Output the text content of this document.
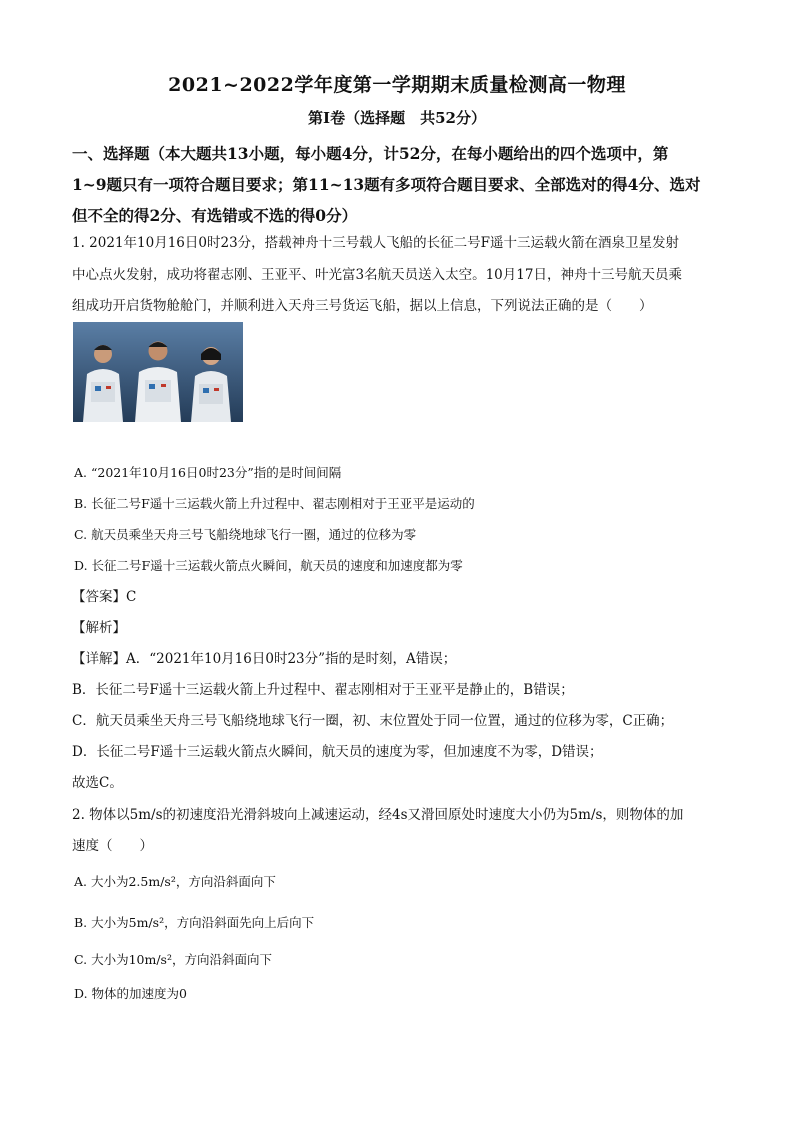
2021~2022学年度第一学期期末质量检测高一物理
第Ⅰ卷（选择题　共52分）

一、选择题（本大题共13小题，每小题4分，计52分，在每小题给出的四个选项中，第

1~9题只有一项符合题目要求；第11~13题有多项符合题目要求、全部选对的得4分、选对

但不全的得2分、有选错或不选的得0分）

1. 2021年10月16日0时23分，搭载神舟十三号载人飞船的长征二号F遥十三运载火箭在酒泉卫星发射
中心点火发射，成功将翟志刚、王亚平、叶光富3名航天员送入太空。10月17日，神舟十三号航天员乘
组成功开启货物舱舱门，并顺利进入天舟三号货运飞船，据以上信息，下列说法正确的是（　　）
A. “2021年10月16日0时23分”指的是时间间隔
B. 长征二号F遥十三运载火箭上升过程中、翟志刚相对于王亚平是运动的
C. 航天员乘坐天舟三号飞船绕地球飞行一圈，通过的位移为零
D. 长征二号F遥十三运载火箭点火瞬间，航天员的速度和加速度都为零
【答案】C
【解析】
【详解】A．“2021年10月16日0时23分”指的是时刻，A错误；
B．长征二号F遥十三运载火箭上升过程中、翟志刚相对于王亚平是静止的，B错误；
C．航天员乘坐天舟三号飞船绕地球飞行一圈，初、末位置处于同一位置，通过的位移为零，C正确；
D．长征二号F遥十三运载火箭点火瞬间，航天员的速度为零，但加速度不为零，D错误；
故选C。
2. 物体以5m/s的初速度沿光滑斜坡向上减速运动，经4s又滑回原处时速度大小仍为5m/s，则物体的加
速度（　　）
A. 大小为2.5m/s²，方向沿斜面向下
B. 大小为5m/s²，方向沿斜面先向上后向下
C. 大小为10m/s²，方向沿斜面向下
D. 物体的加速度为0
